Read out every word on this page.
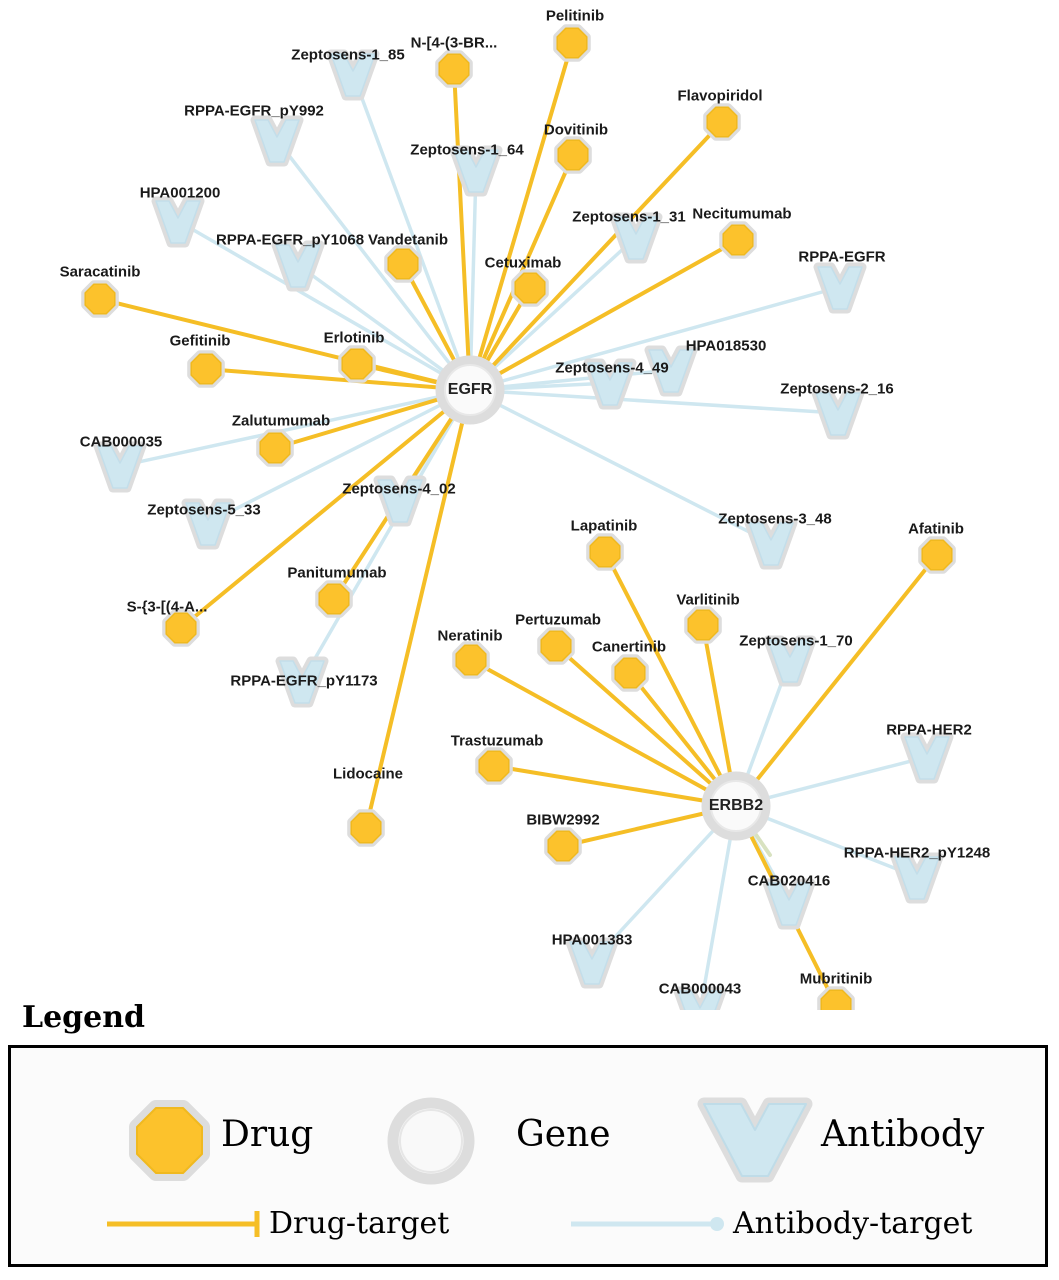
Pelitinib
N-[4-(3-BR...
Dovitinib
Flavopiridol
Necitumumab
Vandetanib
Cetuximab
Saracatinib
Gefitinib	Erlotinib
Zalutumumab
Panitumumab
S-{3-[(4-A...
Lidocaine
Lapatinib	Afatinib
Varlitinib
Pertuzumab
Canertinib
Neratinib
Trastuzumab
BIBW2992
Mubritinib
Zeptosens-1_85
RPPA-EGFR_pY992
Zeptosens-1_64
HPA001200
RPPA-EGFR_pY1068
Zeptosens-1_31
RPPA-EGFR
HPA018530
Zeptosens-4_49
Zeptosens-2_16
CAB000035
Zeptosens-5_33
Zeptosens-4_02
Zeptosens-3_48
RPPA-EGFR_pY1173
Zeptosens-1_70
RPPA-HER2
RPPA-HER2_pY1248
CAB020416
HPA001383
CAB000043
EGFR
ERBB2
Legend
Drug	Gene	Antibody
Drug-target	Antibody-target
